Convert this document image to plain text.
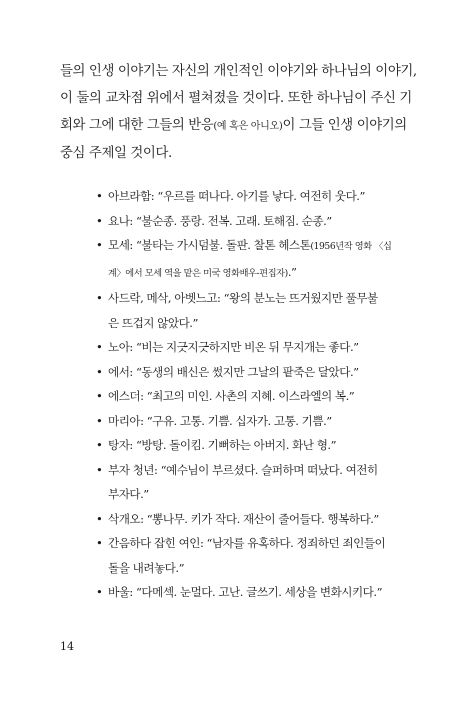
들의 인생 이야기는 자신의 개인적인 이야기와 하나님의 이야기,
이 둘의 교차점 위에서 펼쳐졌을 것이다. 또한 하나님이 주신 기
회와 그에 대한 그들의 반응(예 혹은 아니오)이 그들 인생 이야기의
중심 주제일 것이다.

• 아브라함: “우르를 떠나다. 아기를 낳다. 여전히 웃다.”
• 요나: “불순종. 풍랑. 전복. 고래. 토해짐. 순종.”
• 모세: “불타는 가시덤불. 돌판. 찰톤 헤스톤(1956년작 영화 〈십
계〉에서 모세 역을 맡은 미국 영화배우-편집자).”
• 사드락, 메삭, 아벳느고: “왕의 분노는 뜨거웠지만 풀무불
은 뜨겁지 않았다.”
• 노아: “비는 지긋지긋하지만 비온 뒤 무지개는 좋다.”
• 에서: “동생의 배신은 썼지만 그날의 팥죽은 달았다.”
• 에스더: “최고의 미인. 사촌의 지혜. 이스라엘의 복.”
• 마리아: “구유. 고통. 기쁨. 십자가. 고통. 기쁨.”
• 탕자: “방탕. 돌이킴. 기뻐하는 아버지. 화난 형.”
• 부자 청년: “예수님이 부르셨다. 슬퍼하며 떠났다. 여전히
부자다.”
• 삭개오: “뽕나무. 키가 작다. 재산이 줄어들다. 행복하다.”
• 간음하다 잡힌 여인: “남자를 유혹하다. 정죄하던 죄인들이
돌을 내려놓다.”
• 바울: “다메섹. 눈멀다. 고난. 글쓰기. 세상을 변화시키다.”
14
